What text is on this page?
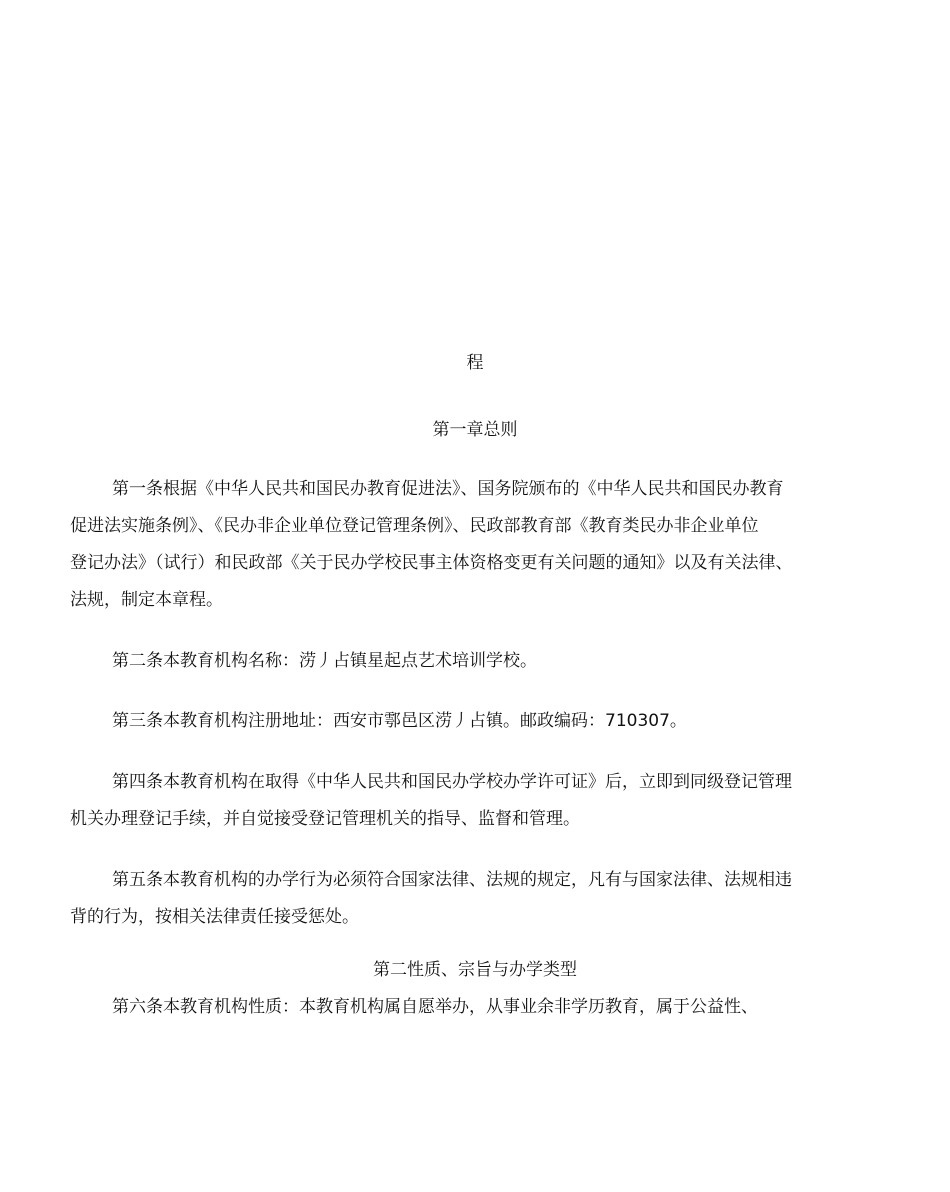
程
第一章总则
第一条根据《中华人民共和国民办教育促进法》、国务院颁布的《中华人民共和国民办教育
促进法实施条例》、《民办非企业单位登记管理条例》、民政部教育部《教育类民办非企业单位
登记办法》（试行）和民政部《关于民办学校民事主体资格变更有关问题的通知》以及有关法律、
法规，制定本章程。
第二条本教育机构名称：涝丿占镇星起点艺术培训学校。
第三条本教育机构注册地址：西安市鄠邑区涝丿占镇。邮政编码：710307。
第四条本教育机构在取得《中华人民共和国民办学校办学许可证》后，立即到同级登记管理
机关办理登记手续，并自觉接受登记管理机关的指导、监督和管理。
第五条本教育机构的办学行为必须符合国家法律、法规的规定，凡有与国家法律、法规相违
背的行为，按相关法律责任接受惩处。
第二性质、宗旨与办学类型
第六条本教育机构性质：本教育机构属自愿举办，从事业余非学历教育，属于公益性、
